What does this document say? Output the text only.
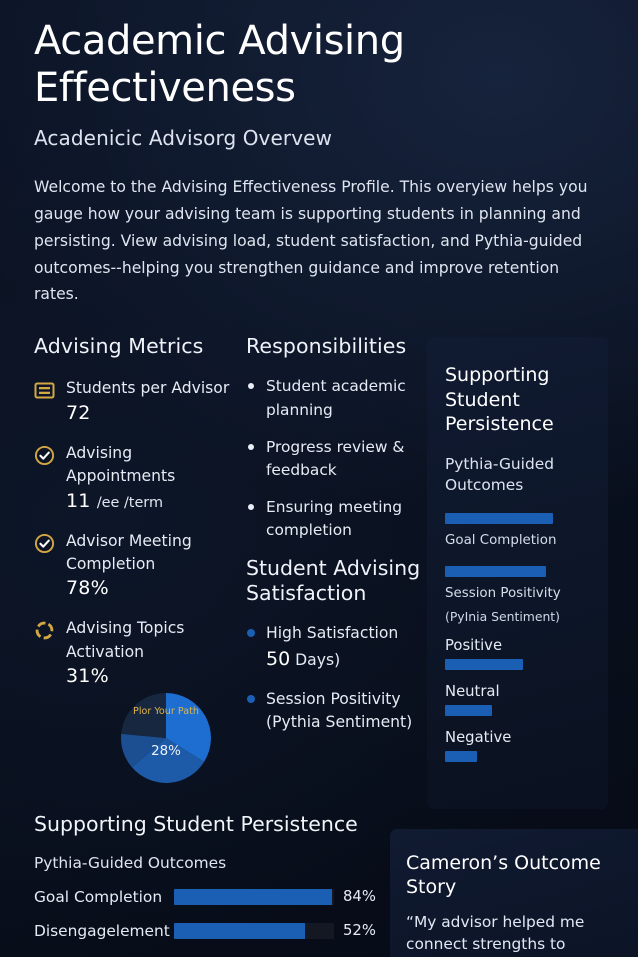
Academic Advising Effectiveness
Acadenicic Advisorg Overvew

Welcome to the Advising Effectiveness Profile. This overyiew helps you gauge how your advising team is supporting students in planning and persisting. View advising load, student satisfaction, and Pythia-guided outcomes--helping you strengthen guidance and improve retention rates.

Advising Metrics
Students per Advisor
72
Advising Appointments
11 /ee /term
Advisor Meeting Completion
78%
Advising Topics Activation
31%
Responsibilities
Student academic planning
Progress review & feedback
Ensuring meeting completion
Student Advising Satisfaction
High Satisfaction 50 Days)
Session Positivity (Pythia Sentiment)
Supporting Student Persistence
Pythia-Guided Outcomes
Goal Completion
Session Positivity
(PyInia Sentiment)
Positive
Neutral
Negative
Plor Your Path
28%
Supporting Student Persistence
Pythia-Guided Outcomes
Goal Completion	84%
Disengagelement	52%
Cameron’s Outcome Story
“My advisor helped me connect strengths to
